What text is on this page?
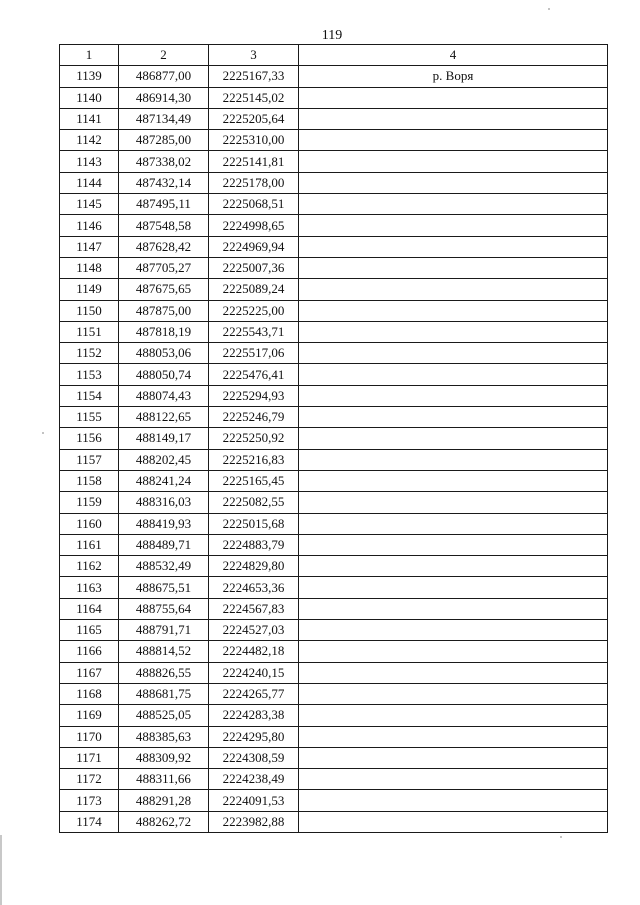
119
1	2	3	4
1139	486877,00	2225167,33	р. Воря
1140	486914,30	2225145,02	
1141	487134,49	2225205,64	
1142	487285,00	2225310,00	
1143	487338,02	2225141,81	
1144	487432,14	2225178,00	
1145	487495,11	2225068,51	
1146	487548,58	2224998,65	
1147	487628,42	2224969,94	
1148	487705,27	2225007,36	
1149	487675,65	2225089,24	
1150	487875,00	2225225,00	
1151	487818,19	2225543,71	
1152	488053,06	2225517,06	
1153	488050,74	2225476,41	
1154	488074,43	2225294,93	
1155	488122,65	2225246,79	
1156	488149,17	2225250,92	
1157	488202,45	2225216,83	
1158	488241,24	2225165,45	
1159	488316,03	2225082,55	
1160	488419,93	2225015,68	
1161	488489,71	2224883,79	
1162	488532,49	2224829,80	
1163	488675,51	2224653,36	
1164	488755,64	2224567,83	
1165	488791,71	2224527,03	
1166	488814,52	2224482,18	
1167	488826,55	2224240,15	
1168	488681,75	2224265,77	
1169	488525,05	2224283,38	
1170	488385,63	2224295,80	
1171	488309,92	2224308,59	
1172	488311,66	2224238,49	
1173	488291,28	2224091,53	
1174	488262,72	2223982,88	
